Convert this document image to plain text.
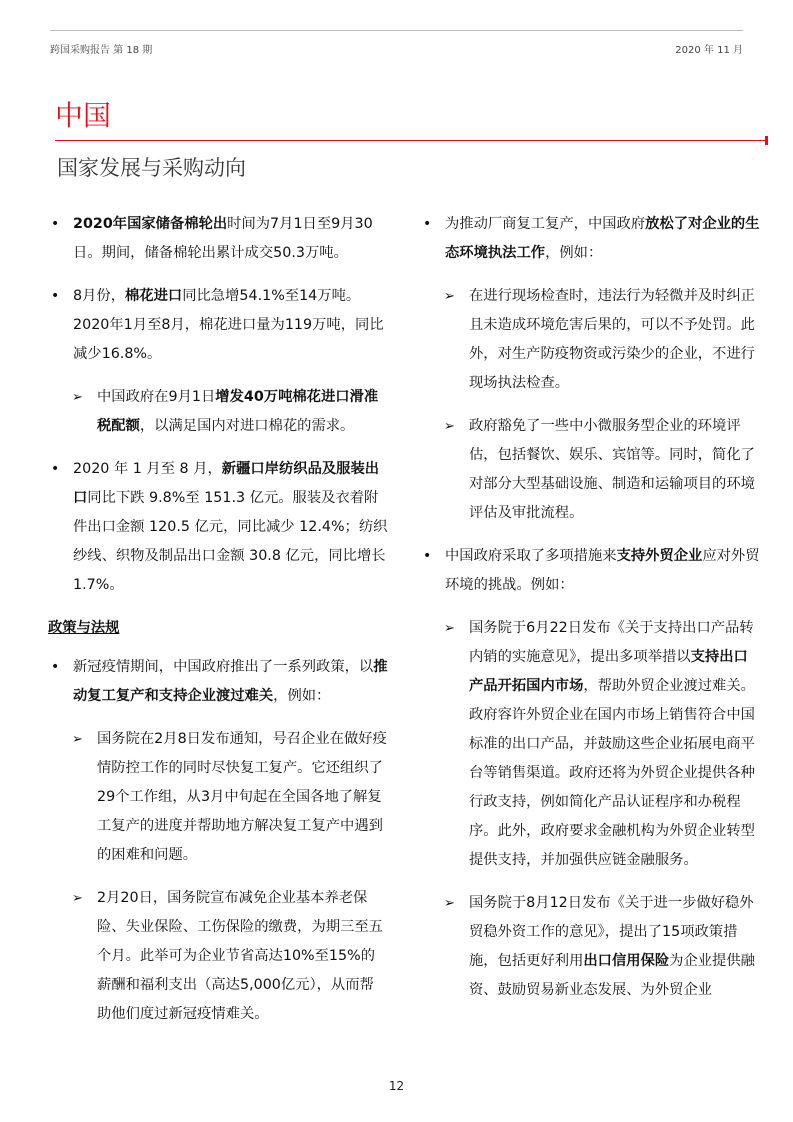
跨国采购报告 第 18 期	2020 年 11 月
中国
国家发展与采购动向
• 2020年国家储备棉轮出时间为7月1日至9月30日。期间，储备棉轮出累计成交50.3万吨。
• 8月份，棉花进口同比急增54.1%至14万吨。2020年1月至8月，棉花进口量为119万吨，同比减少16.8%。
➢ 中国政府在9月1日增发40万吨棉花进口滑准税配额，以满足国内对进口棉花的需求。
• 2020 年 1 月至 8 月，新疆口岸纺织品及服装出口同比下跌 9.8%至 151.3 亿元。服装及衣着附件出口金额 120.5 亿元，同比减少 12.4%；纺织纱线、织物及制品出口金额 30.8 亿元，同比增长 1.7%。
政策与法规
• 新冠疫情期间，中国政府推出了一系列政策，以推动复工复产和支持企业渡过难关，例如：
➢ 国务院在2月8日发布通知，号召企业在做好疫情防控工作的同时尽快复工复产。它还组织了29个工作组，从3月中旬起在全国各地了解复工复产的进度并帮助地方解决复工复产中遇到的困难和问题。
➢ 2月20日，国务院宣布减免企业基本养老保险、失业保险、工伤保险的缴费，为期三至五个月。此举可为企业节省高达10%至15%的薪酬和福利支出（高达5,000亿元），从而帮助他们度过新冠疫情难关。
• 为推动厂商复工复产，中国政府放松了对企业的生态环境执法工作，例如：
➢ 在进行现场检查时，违法行为轻微并及时纠正且未造成环境危害后果的，可以不予处罚。此外，对生产防疫物资或污染少的企业，不进行现场执法检查。
➢ 政府豁免了一些中小微服务型企业的环境评估，包括餐饮、娱乐、宾馆等。同时，简化了对部分大型基础设施、制造和运输项目的环境评估及审批流程。
• 中国政府采取了多项措施来支持外贸企业应对外贸环境的挑战。例如：
➢ 国务院于6月22日发布《关于支持出口产品转内销的实施意见》，提出多项举措以支持出口产品开拓国内市场，帮助外贸企业渡过难关。政府容许外贸企业在国内市场上销售符合中国标准的出口产品，并鼓励这些企业拓展电商平台等销售渠道。政府还将为外贸企业提供各种行政支持，例如简化产品认证程序和办税程序。此外，政府要求金融机构为外贸企业转型提供支持，并加强供应链金融服务。
➢ 国务院于8月12日发布《关于进一步做好稳外贸稳外资工作的意见》，提出了15项政策措施，包括更好利用出口信用保险为企业提供融资、鼓励贸易新业态发展、为外贸企业
12
